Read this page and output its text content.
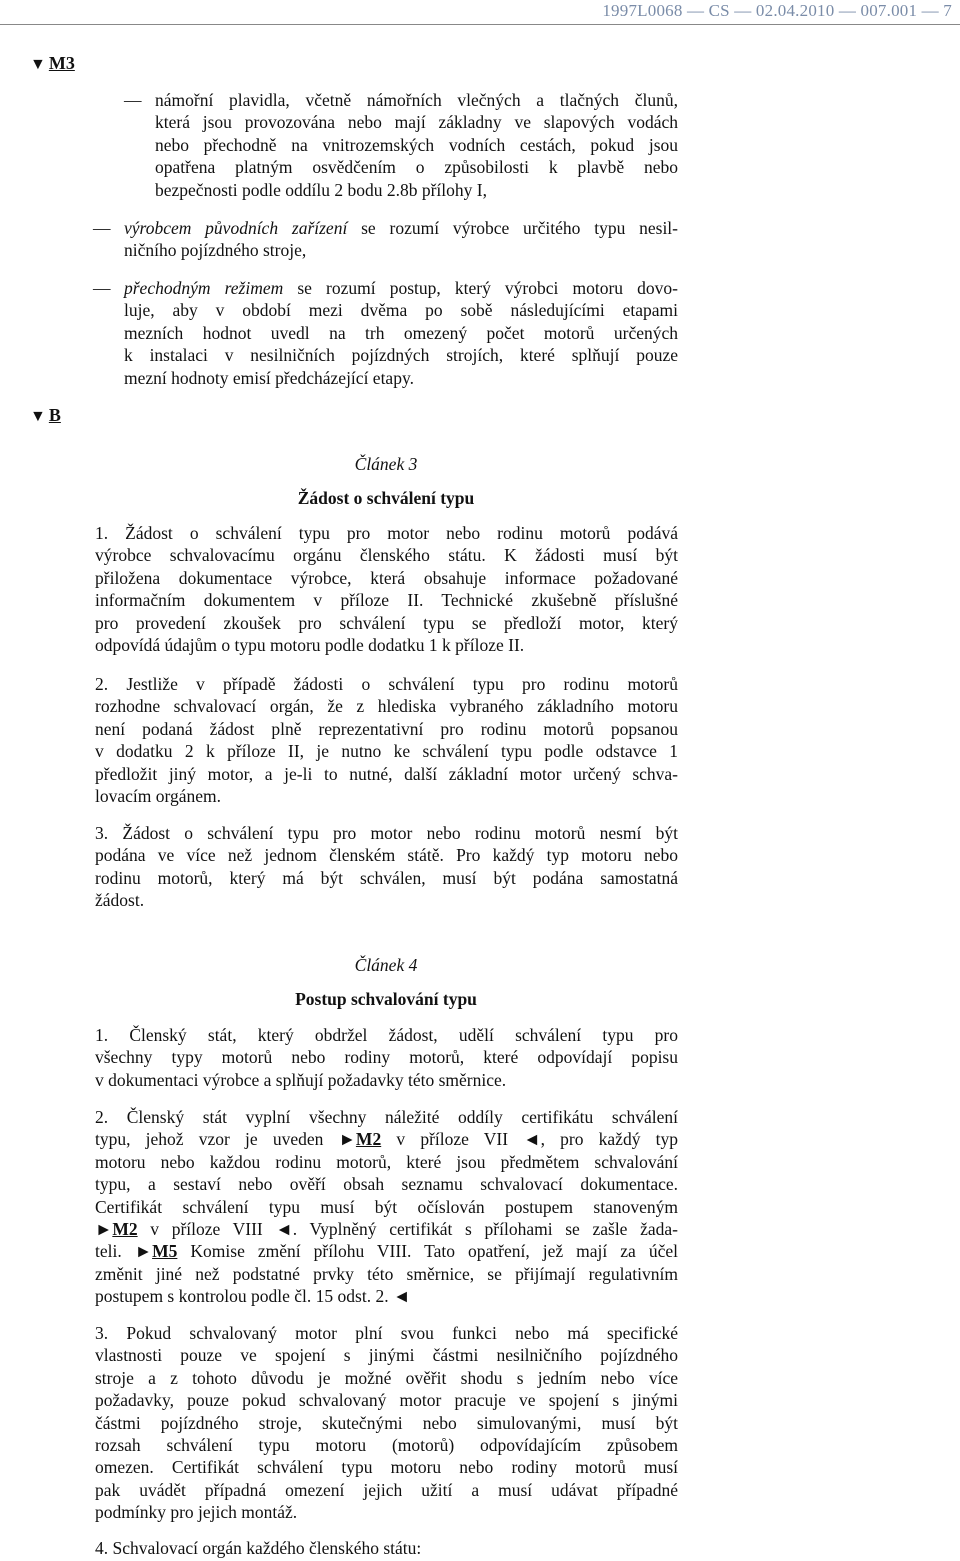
1997L0068 — CS — 02.04.2010 — 007.001 — 7
▼ M3
▼ B
— námořní plavidla, včetně námořních vlečných a tlačných člunů,
která jsou provozována nebo mají základny ve slapových vodách
nebo přechodně na vnitrozemských vodních cestách, pokud jsou
opatřena platným osvědčením o způsobilosti k plavbě nebo
bezpečnosti podle oddílu 2 bodu 2.8b přílohy I,
— výrobcem původních zařízení se rozumí výrobce určitého typu nesil-
ničního pojízdného stroje,
— přechodným režimem se rozumí postup, který výrobci motoru dovo-
luje, aby v období mezi dvěma po sobě následujícími etapami
mezních hodnot uvedl na trh omezený počet motorů určených
k instalaci v nesilničních pojízdných strojích, které splňují pouze
mezní hodnoty emisí předcházející etapy.
Článek 3
Žádost o schválení typu
1. Žádost o schválení typu pro motor nebo rodinu motorů podává
výrobce schvalovacímu orgánu členského státu. K žádosti musí být
přiložena dokumentace výrobce, která obsahuje informace požadované
informačním dokumentem v příloze II. Technické zkušebně příslušné
pro provedení zkoušek pro schválení typu se předloží motor, který
odpovídá údajům o typu motoru podle dodatku 1 k příloze II.
2. Jestliže v případě žádosti o schválení typu pro rodinu motorů
rozhodne schvalovací orgán, že z hlediska vybraného základního motoru
není podaná žádost plně reprezentativní pro rodinu motorů popsanou
v dodatku 2 k příloze II, je nutno ke schválení typu podle odstavce 1
předložit jiný motor, a je-li to nutné, další základní motor určený schva-
lovacím orgánem.
3. Žádost o schválení typu pro motor nebo rodinu motorů nesmí být
podána ve více než jednom členském státě. Pro každý typ motoru nebo
rodinu motorů, který má být schválen, musí být podána samostatná
žádost.
Článek 4
Postup schvalování typu
1. Členský stát, který obdržel žádost, udělí schválení typu pro
všechny typy motorů nebo rodiny motorů, které odpovídají popisu
v dokumentaci výrobce a splňují požadavky této směrnice.
2. Členský stát vyplní všechny náležité oddíly certifikátu schválení
typu, jehož vzor je uveden ►M2 v příloze VII ◄, pro každý typ
motoru nebo každou rodinu motorů, které jsou předmětem schvalování
typu, a sestaví nebo ověří obsah seznamu schvalovací dokumentace.
Certifikát schválení typu musí být očíslován postupem stanoveným
►M2 v příloze VIII ◄. Vyplněný certifikát s přílohami se zašle žada-
teli. ►M5 Komise změní přílohu VIII. Tato opatření, jež mají za účel
změnit jiné než podstatné prvky této směrnice, se přijímají regulativním
postupem s kontrolou podle čl. 15 odst. 2. ◄
3. Pokud schvalovaný motor plní svou funkci nebo má specifické
vlastnosti pouze ve spojení s jinými částmi nesilničního pojízdného
stroje a z tohoto důvodu je možné ověřit shodu s jedním nebo více
požadavky, pouze pokud schvalovaný motor pracuje ve spojení s jinými
částmi pojízdného stroje, skutečnými nebo simulovanými, musí být
rozsah schválení typu motoru (motorů) odpovídajícím způsobem
omezen. Certifikát schválení typu motoru nebo rodiny motorů musí
pak uvádět případná omezení jejich užití a musí udávat případné
podmínky pro jejich montáž.
4. Schvalovací orgán každého členského státu:
